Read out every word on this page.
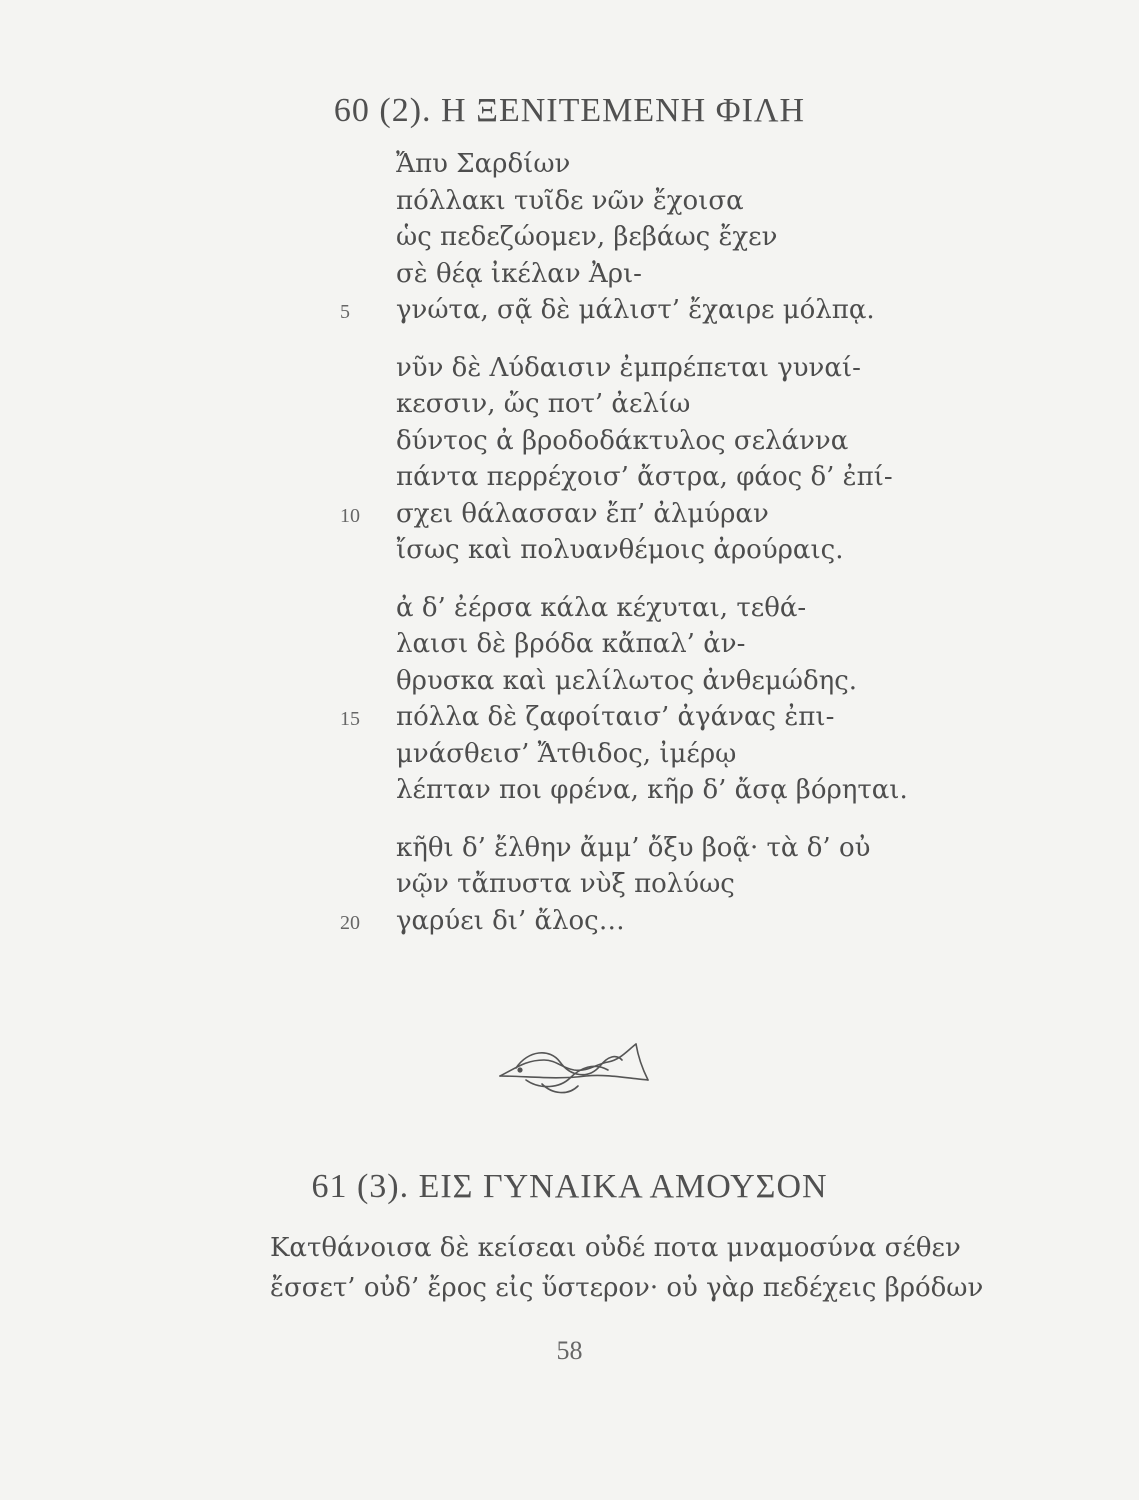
60 (2). Η ΞΕΝΙΤΕΜΕΝΗ ΦΙΛΗ
Ἄπυ Σαρδίων
πόλλακι τυῖδε νῶν ἔχοισα
ὡς πεδεζώομεν, βεβάως ἔχεν
σὲ θέᾳ ἰκέλαν Ἀρι-
5 γνώτα, σᾷ δὲ μάλιστ’ ἔχαιρε μόλπᾳ.
νῦν δὲ Λύδαισιν ἐμπρέπεται γυναί-
κεσσιν, ὤς ποτ’ ἀελίω
δύντος ἀ βροδοδάκτυλος σελάννα
πάντα περρέχοισ’ ἄστρα, φάος δ’ ἐπί-
10 σχει θάλασσαν ἔπ’ ἀλμύραν
ἴσως καὶ πολυανθέμοις ἀρούραις.
ἀ δ’ ἐέρσα κάλα κέχυται, τεθά-
λαισι δὲ βρόδα κἄπαλ’ ἀν-
θρυσκα καὶ μελίλωτος ἀνθεμώδης.
15 πόλλα δὲ ζαφοίταισ’ ἀγάνας ἐπι-
μνάσθεισ’ Ἄτθιδος, ἰμέρῳ
λέπταν ποι φρένα, κῆρ δ’ ἄσᾳ βόρηται.
κῆθι δ’ ἔλθην ἄμμ’ ὄξυ βοᾷ· τὰ δ’ οὐ
νῷν τἄπυστα νὺξ πολύως
20 γαρύει δι’ ἄλος…
61 (3). ΕΙΣ ΓΥΝΑΙΚΑ ΑΜΟΥΣΟΝ
Κατθάνοισα δὲ κείσεαι οὐδέ ποτα μναμοσύνα σέθεν
ἔσσετ’ οὐδ’ ἔρος εἰς ὕστερον· οὐ γὰρ πεδέχεις βρόδων
58
